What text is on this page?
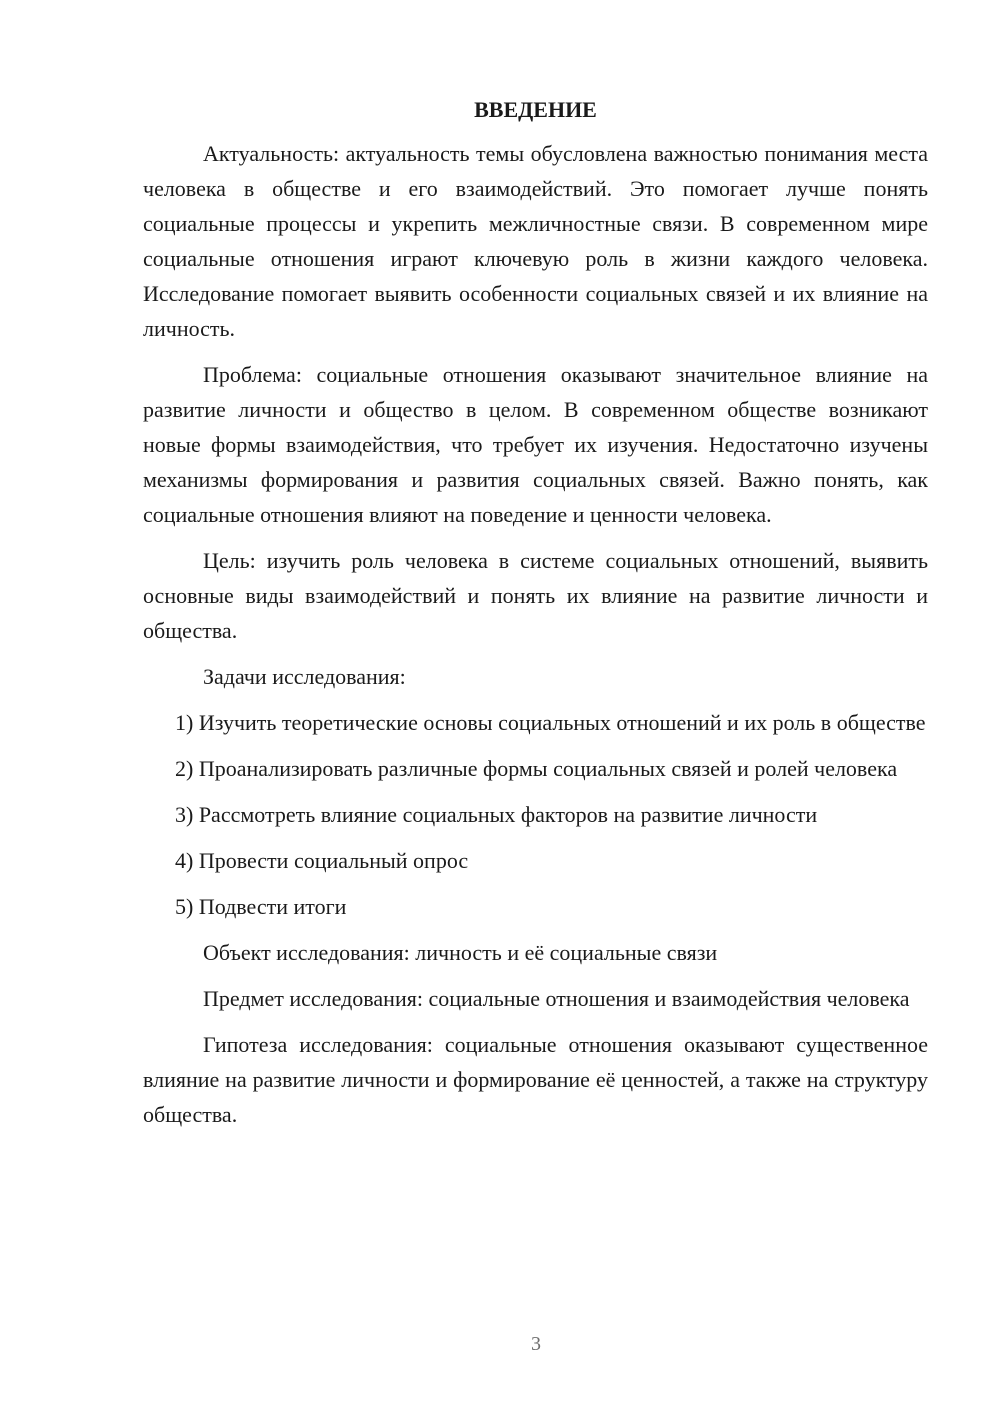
ВВЕДЕНИЕ

Актуальность: актуальность темы обусловлена важностью понимания места человека в обществе и его взаимодействий. Это помогает лучше понять социальные процессы и укрепить межличностные связи. В современном мире социальные отношения играют ключевую роль в жизни каждого человека. Исследование помогает выявить особенности социальных связей и их влияние на личность.

Проблема: социальные отношения оказывают значительное влияние на развитие личности и общество в целом. В современном обществе возникают новые формы взаимодействия, что требует их изучения. Недостаточно изучены механизмы формирования и развития социальных связей. Важно понять, как социальные отношения влияют на поведение и ценности человека.

Цель: изучить роль человека в системе социальных отношений, выявить основные виды взаимодействий и понять их влияние на развитие личности и общества.

Задачи исследования:

1) Изучить теоретические основы социальных отношений и их роль в обществе

2) Проанализировать различные формы социальных связей и ролей человека

3) Рассмотреть влияние социальных факторов на развитие личности

4) Провести социальный опрос

5) Подвести итоги

Объект исследования: личность и её социальные связи

Предмет исследования: социальные отношения и взаимодействия человека

Гипотеза исследования: социальные отношения оказывают существенное влияние на развитие личности и формирование её ценностей, а также на структуру общества.

3
